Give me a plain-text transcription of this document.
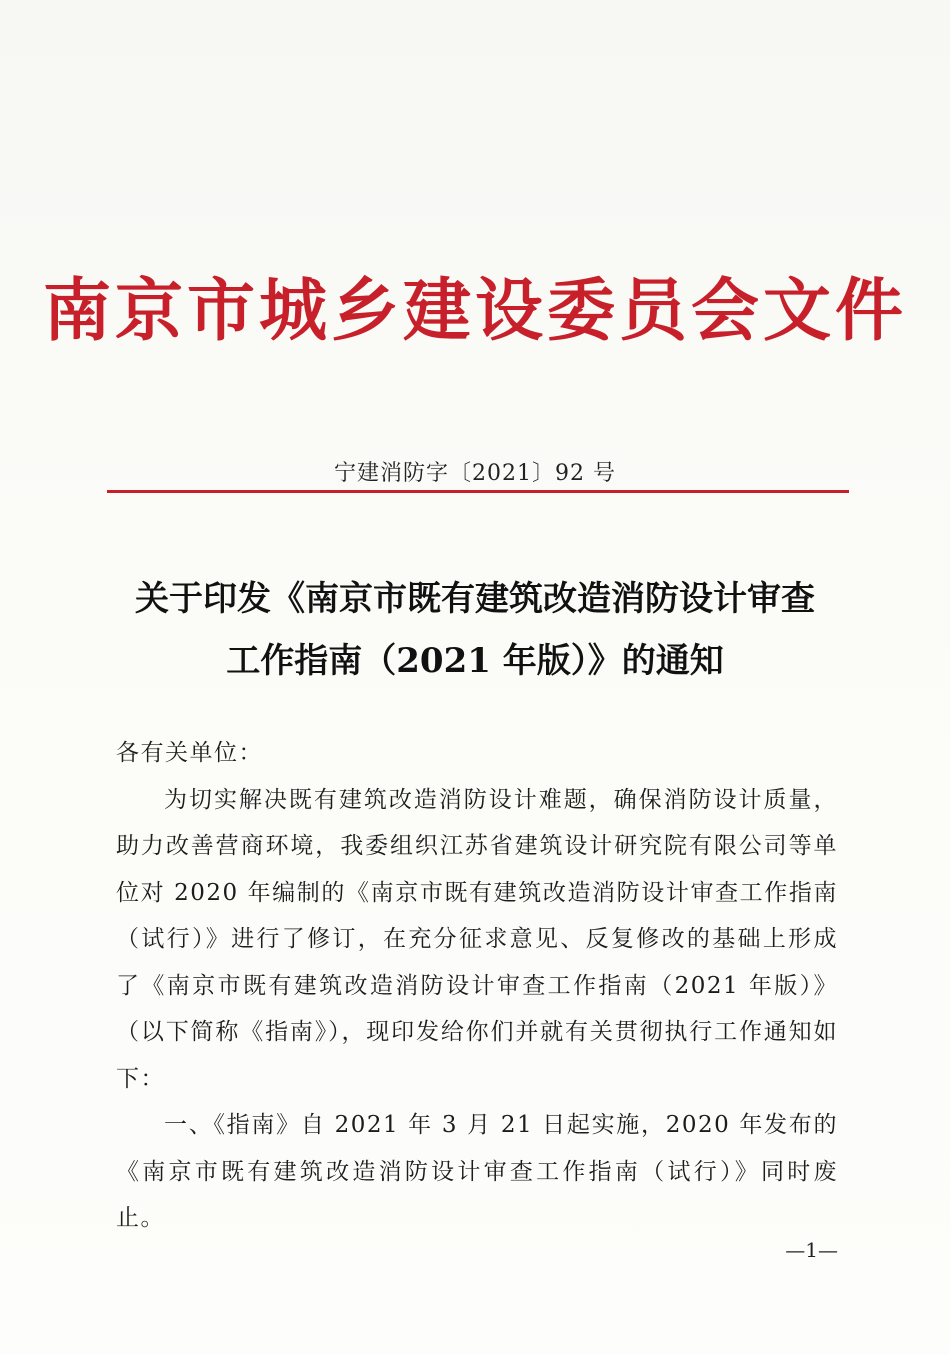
南京市城乡建设委员会文件
宁建消防字〔2021〕92 号
关于印发《南京市既有建筑改造消防设计审查
工作指南（2021 年版）》的通知

各有关单位：

为切实解决既有建筑改造消防设计难题，确保消防设计质量，助力改善营商环境，我委组织江苏省建筑设计研究院有限公司等单位对 2020 年编制的《南京市既有建筑改造消防设计审查工作指南（试行）》进行了修订，在充分征求意见、反复修改的基础上形成了《南京市既有建筑改造消防设计审查工作指南（2021 年版）》（以下简称《指南》），现印发给你们并就有关贯彻执行工作通知如下：

一、《指南》自 2021 年 3 月 21 日起实施，2020 年发布的《南京市既有建筑改造消防设计审查工作指南（试行）》同时废止。

—1—
